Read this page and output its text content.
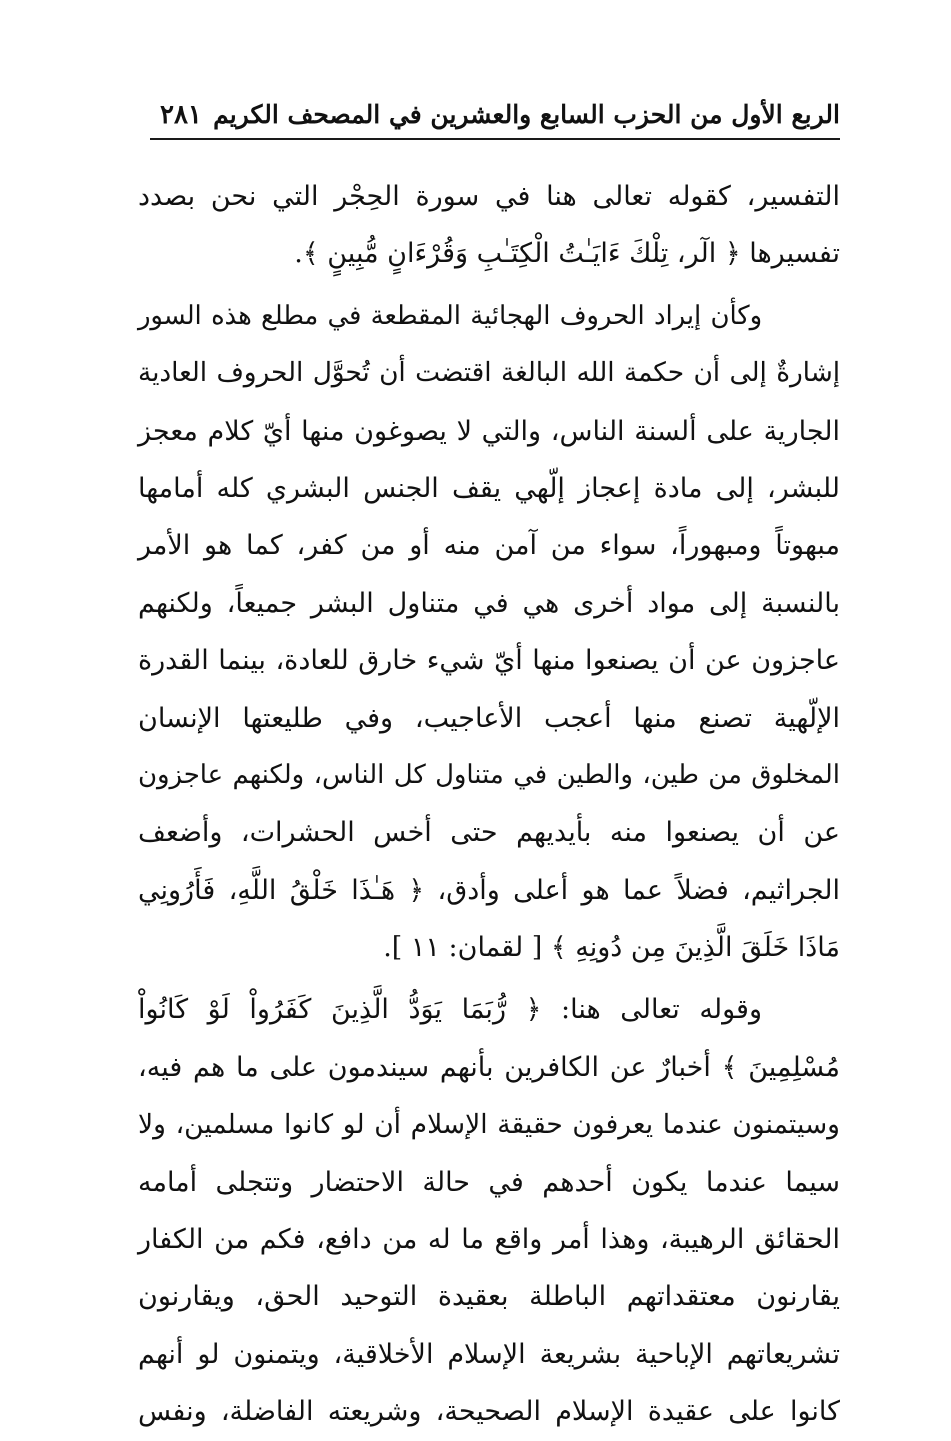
الربع الأول من الحزب السابع والعشرين في المصحف الكريم
٢٨١
التفسير، كقوله تعالى هنا في سورة الحِجْر التي نحن بصدد
تفسيرها ﴿ الٓر، تِلْكَ ءَايَـٰتُ الْكِتَـٰبِ وَقُرْءَانٍ مُّبِينٍ ﴾.
وكأن إيراد الحروف الهجائية المقطعة في مطلع هذه السور
إشارةٌ إلى أن حكمة الله البالغة اقتضت أن تُحوَّل الحروف العادية
الجارية على ألسنة الناس، والتي لا يصوغون منها أيّ كلام معجز
للبشر، إلى مادة إعجاز إلّهي يقف الجنس البشري كله أمامها
مبهوتاً ومبهوراً، سواء من آمن منه أو من كفر، كما هو الأمر
بالنسبة إلى مواد أخرى هي في متناول البشر جميعاً، ولكنهم
عاجزون عن أن يصنعوا منها أيّ شيء خارق للعادة، بينما القدرة
الإلّهية تصنع منها أعجب الأعاجيب، وفي طليعتها الإنسان
المخلوق من طين، والطين في متناول كل الناس، ولكنهم عاجزون
عن أن يصنعوا منه بأيديهم حتى أخس الحشرات، وأضعف
الجراثيم، فضلاً عما هو أعلى وأدق، ﴿ هَـٰذَا خَلْقُ اللَّهِ، فَأَرُونِي
مَاذَا خَلَقَ الَّذِينَ مِن دُونِهِ ﴾ [ لقمان: ١١ ].
وقوله تعالى هنا: ﴿ رُّبَمَا يَوَدُّ الَّذِينَ كَفَرُواْ لَوْ كَانُواْ
مُسْلِمِينَ ﴾ أخبارٌ عن الكافرين بأنهم سيندمون على ما هم فيه،
وسيتمنون عندما يعرفون حقيقة الإسلام أن لو كانوا مسلمين، ولا
سيما عندما يكون أحدهم في حالة الاحتضار وتتجلى أمامه
الحقائق الرهيبة، وهذا أمر واقع ما له من دافع، فكم من الكفار
يقارنون معتقداتهم الباطلة بعقيدة التوحيد الحق، ويقارنون
تشريعاتهم الإباحية بشريعة الإسلام الأخلاقية، ويتمنون لو أنهم
كانوا على عقيدة الإسلام الصحيحة، وشريعته الفاضلة، ونفس
